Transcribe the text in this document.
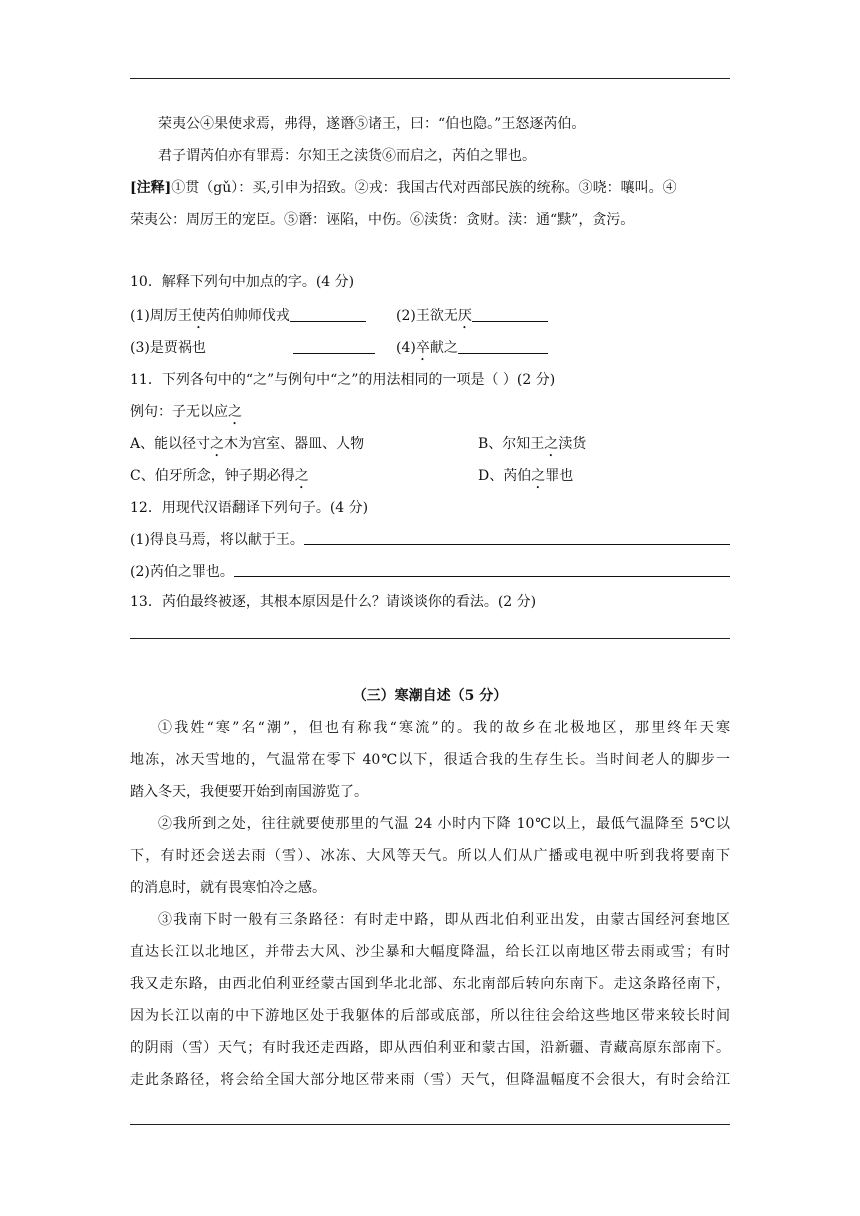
荣夷公④果使求焉，弗得，遂谮⑤诸王，曰：“伯也隐。”王怒逐芮伯。
君子谓芮伯亦有罪焉：尔知王之渎货⑥而启之，芮伯之罪也。
[注释]①贯（gǔ）：买,引申为招致。②戎：我国古代对西部民族的统称。③哓：嚷叫。④
荣夷公：周厉王的宠臣。⑤谮：诬陷，中伤。⑥渎货：贪财。渎：通“黩”，贪污。
10．解释下列句中加点的字。(4 分)
(1)周厉王使芮伯帅师伐戎	(2)王欲无厌
(3)是贾祸也	(4)卒献之
11．下列各句中的“之”与例句中“之”的用法相同的一项是（ ）(2 分)
例句：子无以应之
A、能以径寸之木为宫室、器皿、人物	B、尔知王之渎货
C、伯牙所念，钟子期必得之	D、芮伯之罪也
12．用现代汉语翻译下列句子。(4 分)
(1)得良马焉，将以献于王。
(2)芮伯之罪也。
13．芮伯最终被逐，其根本原因是什么？请谈谈你的看法。(2 分)
（三）寒潮自述（5 分）
①我姓“寒”名“潮”，但也有称我“寒流”的。我的故乡在北极地区，那里终年天寒
地冻，冰天雪地的，气温常在零下 40℃以下，很适合我的生存生长。当时间老人的脚步一
踏入冬天，我便要开始到南国游览了。
②我所到之处，往往就要使那里的气温 24 小时内下降 10℃以上，最低气温降至 5℃以
下，有时还会送去雨（雪）、冰冻、大风等天气。所以人们从广播或电视中听到我将要南下
的消息时，就有畏寒怕冷之感。
③我南下时一般有三条路径：有时走中路，即从西北伯利亚出发，由蒙古国经河套地区
直达长江以北地区，并带去大风、沙尘暴和大幅度降温，给长江以南地区带去雨或雪；有时
我又走东路，由西北伯利亚经蒙古国到华北北部、东北南部后转向东南下。走这条路径南下，
因为长江以南的中下游地区处于我躯体的后部或底部，所以往往会给这些地区带来较长时间
的阴雨（雪）天气；有时我还走西路，即从西伯利亚和蒙古国，沿新疆、青藏高原东部南下。
走此条路径，将会给全国大部分地区带来雨（雪）天气，但降温幅度不会很大，有时会给江
